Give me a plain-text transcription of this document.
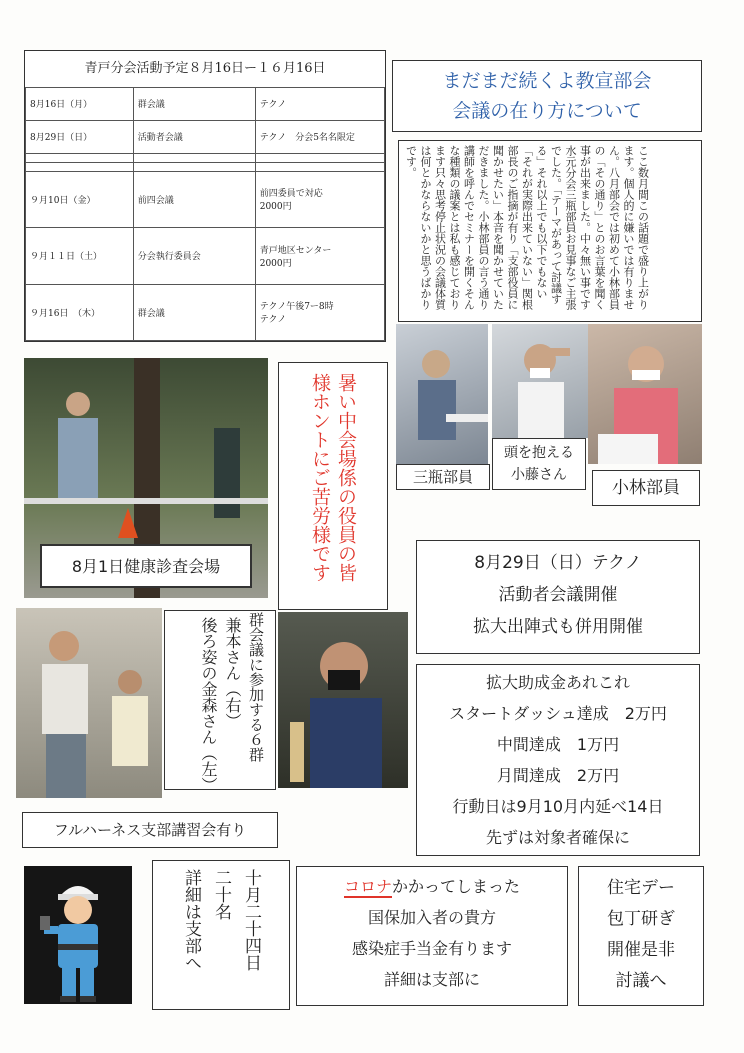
青戸分会活動予定８月16日ー１６月16日
8月16日（月）	群会議	テクノ
8月29日（日）	活動者会議	テクノ　分会5名名限定

９月10日（金）	前四会議	前四委員で対応
2000円
９月１１日（土）	分会執行委員会	青戸地区センター
2000円
９月16日　（木）	群会議	テクノ午後7ー8時
テクノ
まだまだ続くよ教宣部会
会議の在り方について
ここ数月間この話題で盛り上がります。個人的に嫌いでは有りません。八月部会では初めて小林部員の「その通り」とのお言葉を聞く事が出来ました。中々無い事です水元分会三瓶部員お見事なご主張でした。「テーマがあって討議する」それ以上でも以下でもない「それが実際出来ていない」関根部長のご指摘が有り「支部役員に聞かせたい」本音を聞かせていただきました。小林部員の言う通り講師を呼んでセミナーを開くそんな種類の議案とは私も感じております只々思考停止状況の会議体質は何とかならないかと思うばかりです。
三瓶部員
頭を抱える
小藤さん
小林部員
8月1日健康診査会場	暑い中会場係の役員の皆様ホントにご苦労様です	8月29日（日）テクノ
活動者会議開催
拡大出陣式も併用開催
兼本さん（右）
後ろ姿の金森さん（左）	群会議に参加する６群	拡大助成金あれこれ
スタートダッシュ達成　2万円
中間達成　1万円
月間達成　2万円
行動日は9月10月内延べ14日
先ずは対象者確保に
フルハーネス支部講習会有り
十月二十四日
二十名
詳細は支部へ	コロナかかってしまった
国保加入者の貴方
感染症手当金有ります
詳細は支部に
住宅デー
包丁研ぎ
開催是非
討議へ
